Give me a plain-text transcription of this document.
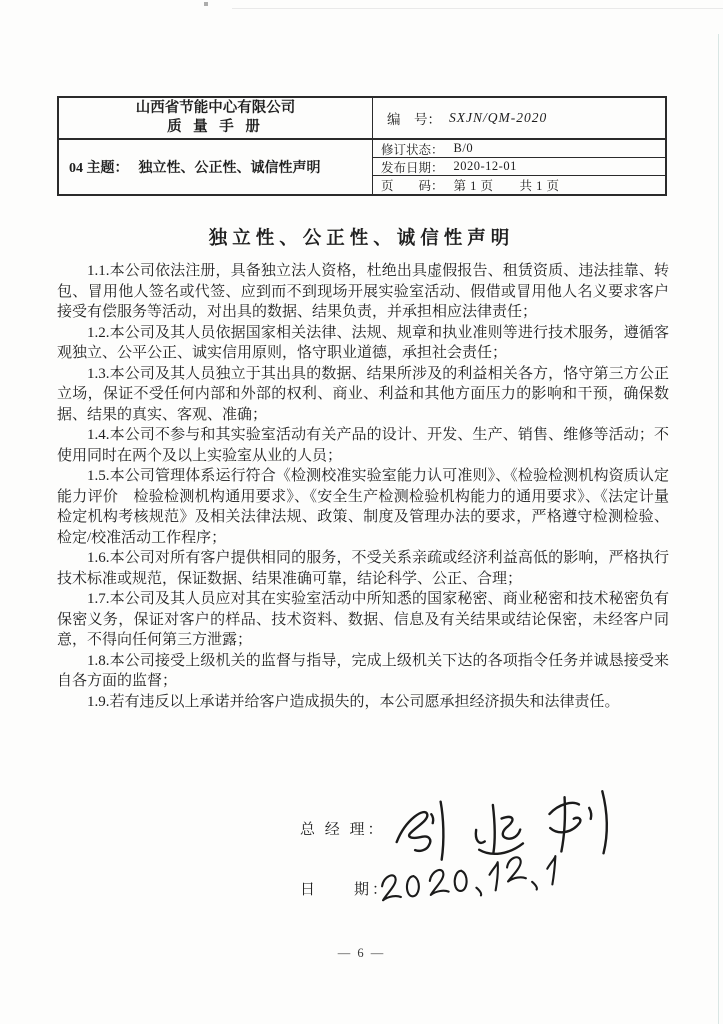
山西省节能中心有限公司
质 量 手 册
04 主题： 独立性、公正性、诚信性声明
编　号： SXJN/QM-2020
修订状态： B/0
发布日期： 2020-12-01
页　　码： 第 1 页　　共 1 页
独立性、公正性、诚信性声明

1.1.本公司依法注册，具备独立法人资格，杜绝出具虚假报告、租赁资质、违法挂靠、转包、冒用他人签名或代签、应到而不到现场开展实验室活动、假借或冒用他人名义要求客户接受有偿服务等活动，对出具的数据、结果负责，并承担相应法律责任；

1.2.本公司及其人员依据国家相关法律、法规、规章和执业准则等进行技术服务，遵循客观独立、公平公正、诚实信用原则，恪守职业道德，承担社会责任；

1.3.本公司及其人员独立于其出具的数据、结果所涉及的利益相关各方，恪守第三方公正立场，保证不受任何内部和外部的权利、商业、利益和其他方面压力的影响和干预，确保数据、结果的真实、客观、准确；

1.4.本公司不参与和其实验室活动有关产品的设计、开发、生产、销售、维修等活动；不使用同时在两个及以上实验室从业的人员；

1.5.本公司管理体系运行符合《检测校准实验室能力认可准则》、《检验检测机构资质认定能力评价　检验检测机构通用要求》、《安全生产检测检验机构能力的通用要求》、《法定计量检定机构考核规范》及相关法律法规、政策、制度及管理办法的要求，严格遵守检测检验、检定/校准活动工作程序；

1.6.本公司对所有客户提供相同的服务，不受关系亲疏或经济利益高低的影响，严格执行技术标准或规范，保证数据、结果准确可靠，结论科学、公正、合理；

1.7.本公司及其人员应对其在实验室活动中所知悉的国家秘密、商业秘密和技术秘密负有保密义务，保证对客户的样品、技术资料、数据、信息及有关结果或结论保密，未经客户同意，不得向任何第三方泄露；

1.8.本公司接受上级机关的监督与指导，完成上级机关下达的各项指令任务并诚恳接受来自各方面的监督；

1.9.若有违反以上承诺并给客户造成损失的，本公司愿承担经济损失和法律责任。

总 经 理：
日　　期：
— 6 —
